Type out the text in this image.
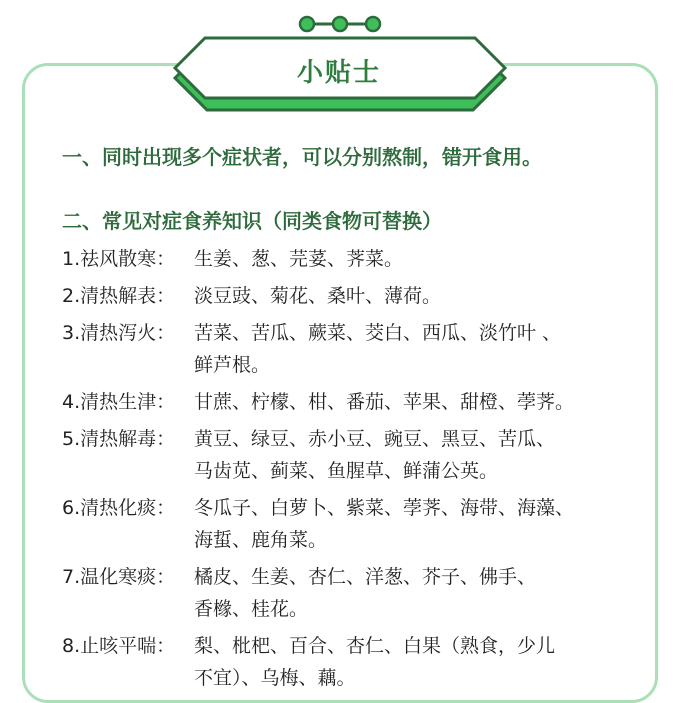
小贴士
一、同时出现多个症状者，可以分别熬制，错开食用。
二、常见对症食养知识（同类食物可替换）
1.祛风散寒： 生姜、葱、芫荽、荠菜。
2.清热解表： 淡豆豉、菊花、桑叶、薄荷。
3.清热泻火： 苦菜、苦瓜、蕨菜、茭白、西瓜、淡竹叶 、
鲜芦根。
4.清热生津： 甘蔗、柠檬、柑、番茄、苹果、甜橙、荸荠。
5.清热解毒： 黄豆、绿豆、赤小豆、豌豆、黑豆、苦瓜、
马齿苋、蓟菜、鱼腥草、鲜蒲公英。
6.清热化痰： 冬瓜子、白萝卜、紫菜、荸荠、海带、海藻、
海蜇、鹿角菜。
7.温化寒痰： 橘皮、生姜、杏仁、洋葱、芥子、佛手、
香橼、桂花。
8.止咳平喘： 梨、枇杷、百合、杏仁、白果（熟食，少儿
不宜）、乌梅、藕。
